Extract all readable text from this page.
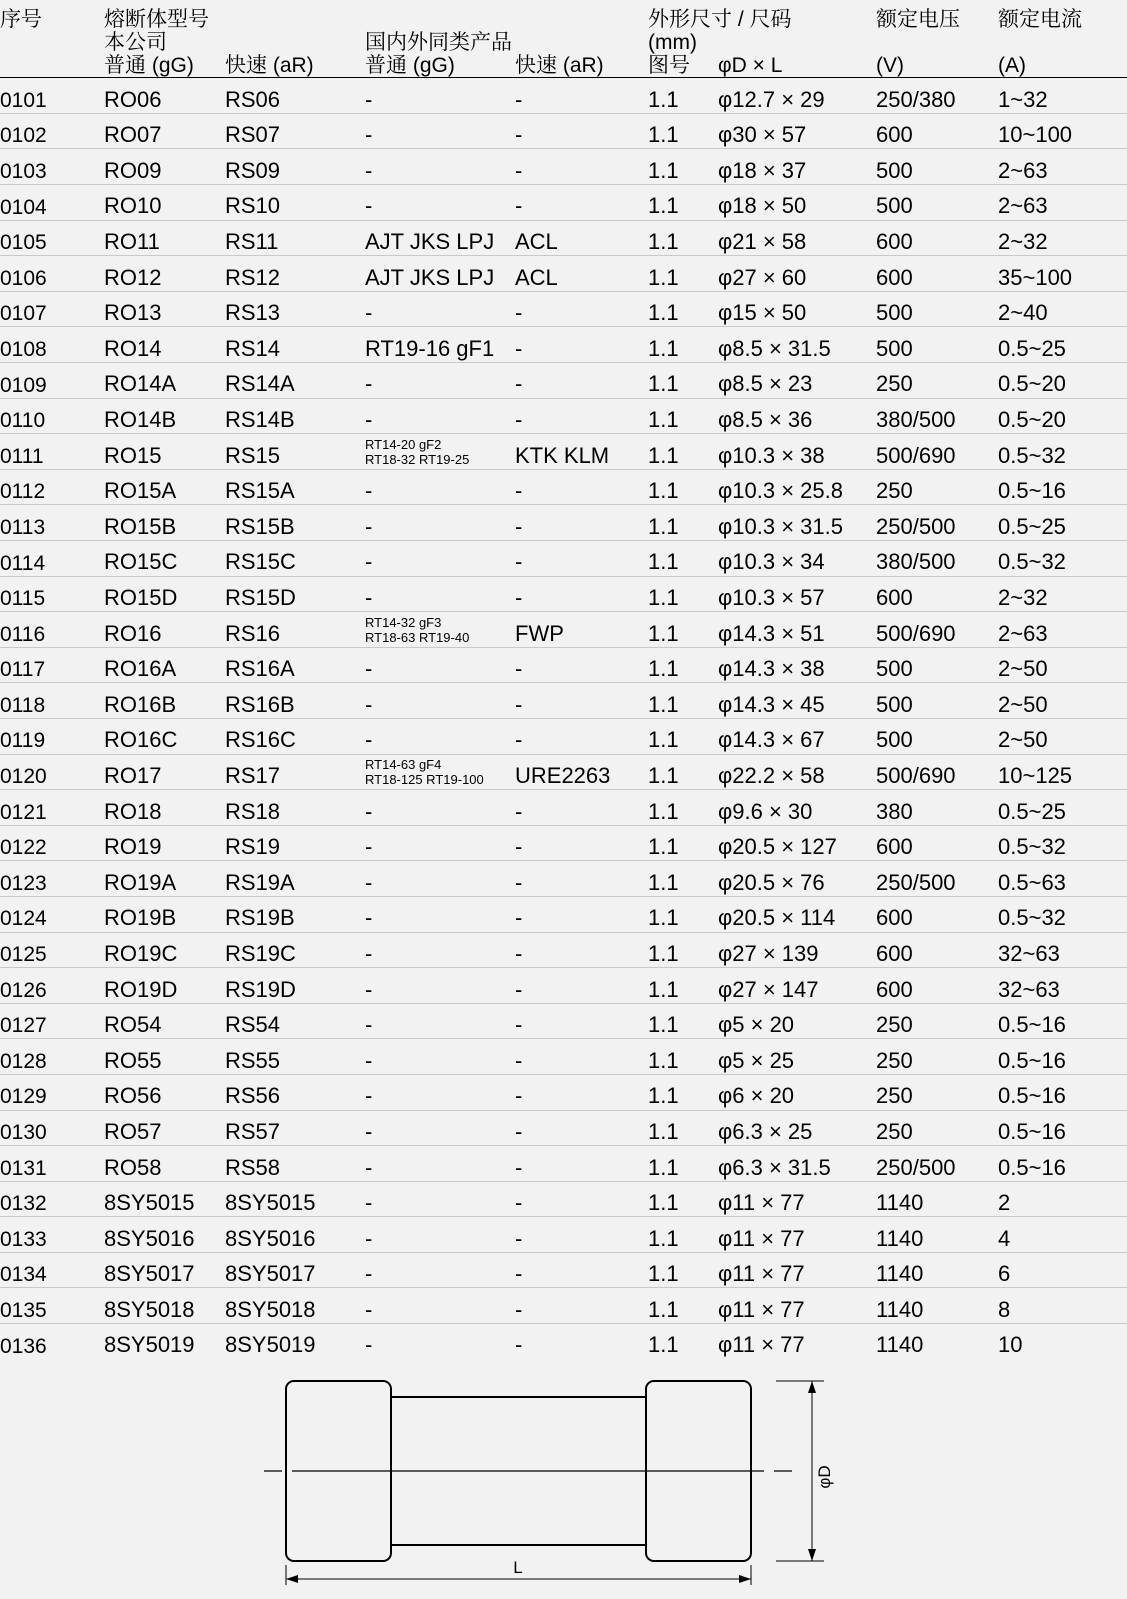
序号	熔断体型号				外形尺寸 / 尺码		额定电压	额定电流
	本公司		国内外同类产品		(mm)			
	普通 (gG)	快速 (aR)	普通 (gG)	快速 (aR)	图号	φD × L	(V)	(A)
0101	RO06	RS06	-	-	1.1	φ12.7 × 29	250/380	1~32
0102	RO07	RS07	-	-	1.1	φ30 × 57	600	10~100
0103	RO09	RS09	-	-	1.1	φ18 × 37	500	2~63
0104	RO10	RS10	-	-	1.1	φ18 × 50	500	2~63
0105	RO11	RS11	AJT JKS LPJ	ACL	1.1	φ21 × 58	600	2~32
0106	RO12	RS12	AJT JKS LPJ	ACL	1.1	φ27 × 60	600	35~100
0107	RO13	RS13	-	-	1.1	φ15 × 50	500	2~40
0108	RO14	RS14	RT19-16 gF1	-	1.1	φ8.5 × 31.5	500	0.5~25
0109	RO14A	RS14A	-	-	1.1	φ8.5 × 23	250	0.5~20
0110	RO14B	RS14B	-	-	1.1	φ8.5 × 36	380/500	0.5~20
0111	RO15	RS15	RT14-20 gF2
RT18-32 RT19-25	KTK KLM	1.1	φ10.3 × 38	500/690	0.5~32
0112	RO15A	RS15A	-	-	1.1	φ10.3 × 25.8	250	0.5~16
0113	RO15B	RS15B	-	-	1.1	φ10.3 × 31.5	250/500	0.5~25
0114	RO15C	RS15C	-	-	1.1	φ10.3 × 34	380/500	0.5~32
0115	RO15D	RS15D	-	-	1.1	φ10.3 × 57	600	2~32
0116	RO16	RS16	RT14-32 gF3
RT18-63 RT19-40	FWP	1.1	φ14.3 × 51	500/690	2~63
0117	RO16A	RS16A	-	-	1.1	φ14.3 × 38	500	2~50
0118	RO16B	RS16B	-	-	1.1	φ14.3 × 45	500	2~50
0119	RO16C	RS16C	-	-	1.1	φ14.3 × 67	500	2~50
0120	RO17	RS17	RT14-63 gF4
RT18-125 RT19-100	URE2263	1.1	φ22.2 × 58	500/690	10~125
0121	RO18	RS18	-	-	1.1	φ9.6 × 30	380	0.5~25
0122	RO19	RS19	-	-	1.1	φ20.5 × 127	600	0.5~32
0123	RO19A	RS19A	-	-	1.1	φ20.5 × 76	250/500	0.5~63
0124	RO19B	RS19B	-	-	1.1	φ20.5 × 114	600	0.5~32
0125	RO19C	RS19C	-	-	1.1	φ27 × 139	600	32~63
0126	RO19D	RS19D	-	-	1.1	φ27 × 147	600	32~63
0127	RO54	RS54	-	-	1.1	φ5 × 20	250	0.5~16
0128	RO55	RS55	-	-	1.1	φ5 × 25	250	0.5~16
0129	RO56	RS56	-	-	1.1	φ6 × 20	250	0.5~16
0130	RO57	RS57	-	-	1.1	φ6.3 × 25	250	0.5~16
0131	RO58	RS58	-	-	1.1	φ6.3 × 31.5	250/500	0.5~16
0132	8SY5015	8SY5015	-	-	1.1	φ11 × 77	1140	2
0133	8SY5016	8SY5016	-	-	1.1	φ11 × 77	1140	4
0134	8SY5017	8SY5017	-	-	1.1	φ11 × 77	1140	6
0135	8SY5018	8SY5018	-	-	1.1	φ11 × 77	1140	8
0136	8SY5019	8SY5019	-	-	1.1	φ11 × 77	1140	10
φD
L
